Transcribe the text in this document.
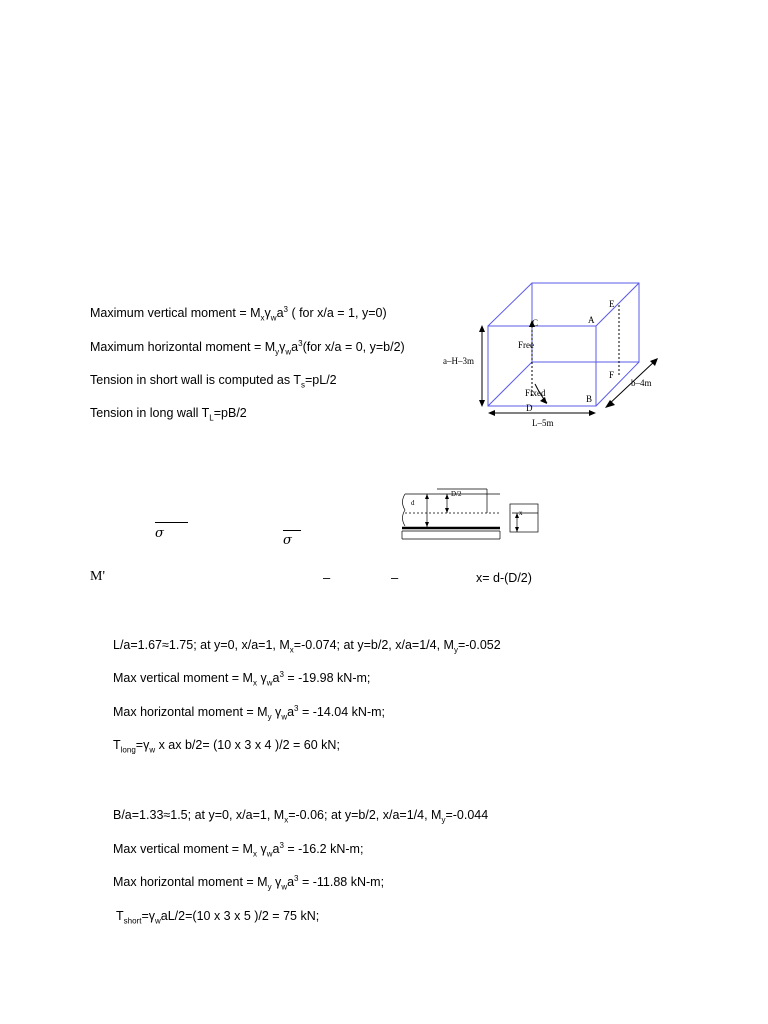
Maximum vertical moment = $M_x\gamma_wa^3$ ( for x/a = 1, y=0)
Maximum horizontal moment = $M_y\gamma_wa^3(for$ x/a = 0, y=b/2)
Tension in short wall is computed as $T_s=pL/2$
Tension in long wall $T_L=pB/2$
a–H–3m
L–5m
b–4m
Free
Fixed
A
B
C
D
E
F
d
D/2
x
σ	σ
M'	–	–	x= d-(D/2)
L/a=1.67≈1.75; at y=0, x/a=1, $M_x=-0.074$; at y=b/2, x/a=1/4, $M_y=-0.052$
Max vertical moment = $M_x$ $\gamma_wa^3 = -19.98$ kN-m;
Max horizontal moment = $M_y$ $\gamma_wa^3 = -14.04$ kN-m;
$T_{long}=\gamma_w$ x ax b/2= (10 x 3 x 4 )/2 = 60 kN;
B/a=1.33≈1.5; at y=0, x/a=1, $M_x=-0.06$; at y=b/2, x/a=1/4, $M_y=-0.044$
Max vertical moment = $M_x$ $\gamma_wa^3 = -16.2$ kN-m;
Max horizontal moment = $M_y$ $\gamma_wa^3 = -11.88$ kN-m;
$T_{short}=\gamma_waL/2=(10$ x 3 x 5 )/2 = 75 kN;
